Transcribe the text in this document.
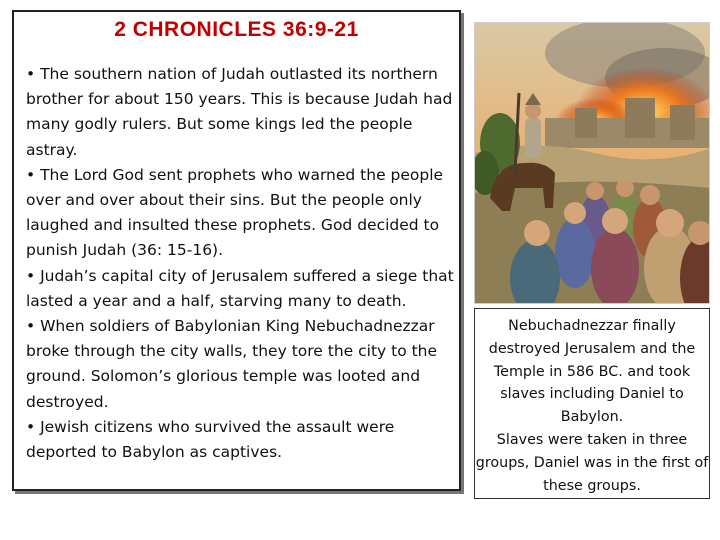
2 CHRONICLES 36:9-21

• The southern nation of Judah outlasted its northern brother for about 150 years. This is because Judah had many godly rulers. But some kings led the people astray.

• The Lord God sent prophets who warned the people over and over about their sins. But the people only laughed and insulted these prophets. God decided to punish Judah (36: 15-16).

• Judah’s capital city of Jerusalem suffered a siege that lasted a year and a half, starving many to death.

• When soldiers of Babylonian King Nebuchadnezzar broke through the city walls, they tore the city to the ground. Solomon’s glorious temple was looted and destroyed.

• Jewish citizens who survived the assault were deported to Babylon as captives.

Nebuchadnezzar finally destroyed Jerusalem and the Temple in 586 BC. and took slaves including Daniel to Babylon.

Slaves were taken in three groups, Daniel was in the first of these groups.
